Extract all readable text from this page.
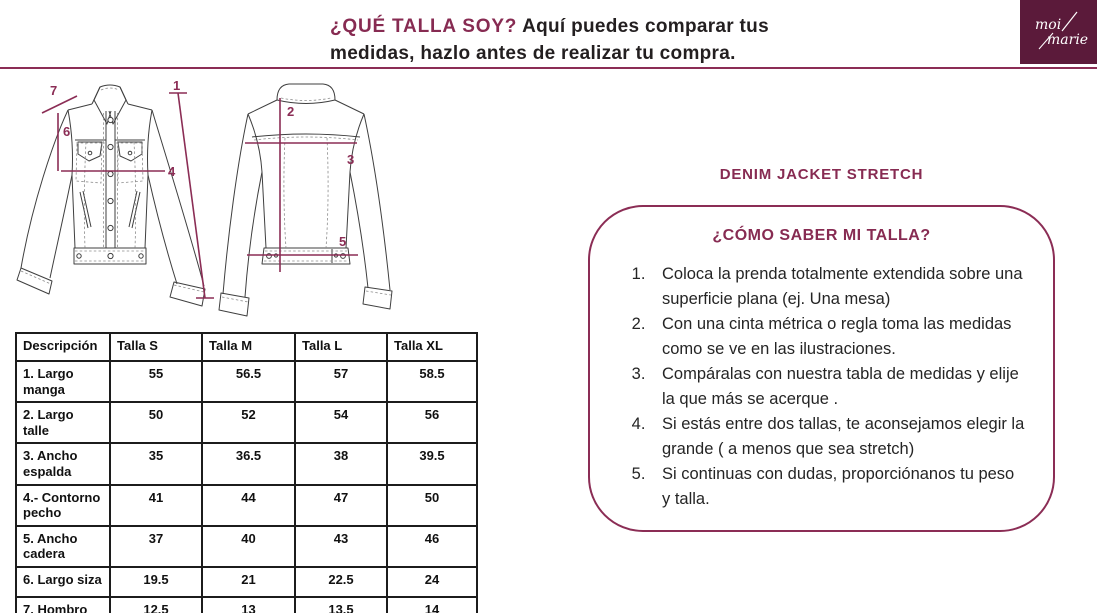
¿QUÉ TALLA SOY? Aquí puedes comparar tus
medidas, hazlo antes de realizar tu compra.
moi
marie
1
2
3
4
5
6
7
Descripción	Talla S	Talla M	Talla L	Talla XL
1. Largo manga	55	56.5	57	58.5
2. Largo talle	50	52	54	56
3. Ancho espalda	35	36.5	38	39.5
4.- Contorno pecho	41	44	47	50
5. Ancho cadera	37	40	43	46
6. Largo siza	19.5	21	22.5	24
7. Hombro	12.5	13	13.5	14
DENIM JACKET STRETCH
¿CÓMO SABER MI TALLA?
1. Coloca la prenda totalmente extendida sobre una superficie plana (ej. Una mesa)
2. Con una cinta métrica o regla toma las medidas como se ve en las ilustraciones.
3. Compáralas con nuestra tabla de medidas y elije la que más se acerque .
4. Si estás entre dos tallas, te aconsejamos elegir la grande ( a menos que sea stretch)
5. Si continuas con dudas, proporciónanos tu peso y talla.
